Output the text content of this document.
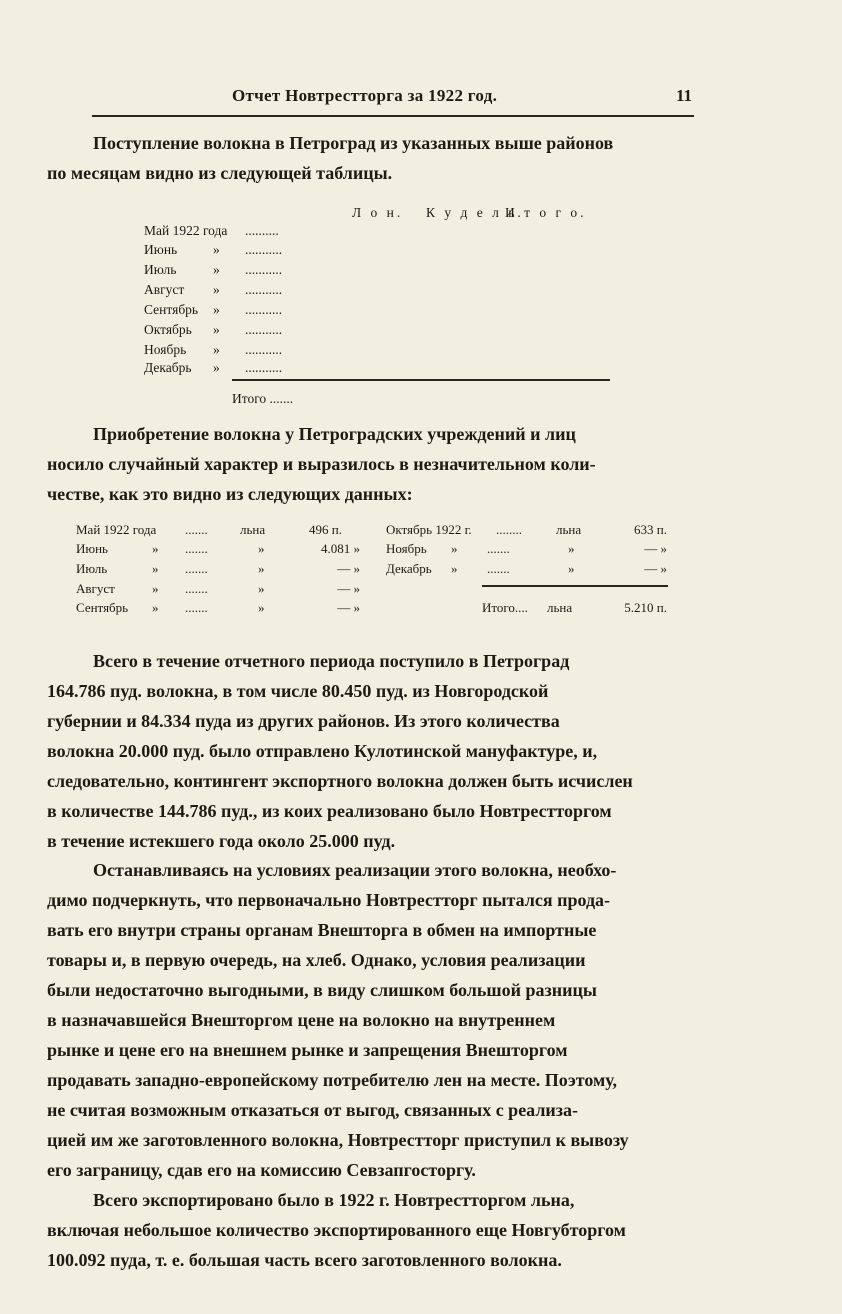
Отчет Новтрестторга за 1922 год.	11
Поступление волокна в Петроград из указанных выше районов
по месяцам видно из следующей таблицы.
Л о н. К у д е л ь.
И т о г о.
Май 1922 года ..........
Июнь	» ...........
Июль	» ...........
Август » ...........
Сентябрь » ...........
Октябрь » ...........
Ноябрь » ...........
Декабрь » ...........
Итого .......
Приобретение волокна у Петроградских учреждений и лиц
носило случайный характер и выразилось в незначительном коли-
честве, как это видно из следующих данных:
Май 1922 года ....... льна	496 п.
Июнь	» .......	»	4.081 »
Июль	» .......	»	— »
Август	» .......	»	— »
Сентябрь » .......	»	— »
Октябрь 1922 г. ........	льна	633 п.
Ноябрь » .......	»	— »
Декабрь » .......	»	— »
Итого.... льна	5.210 п.
Всего в течение отчетного периода поступило в Петроград
164.786 пуд. волокна, в том числе 80.450 пуд. из Новгородской
губернии и 84.334 пуда из других районов. Из этого количества
волокна 20.000 пуд. было отправлено Кулотинской мануфактуре, и,
следовательно, контингент экспортного волокна должен быть исчислен
в количестве 144.786 пуд., из коих реализовано было Новтрестторгом
в течение истекшего года около 25.000 пуд.
Останавливаясь на условиях реализации этого волокна, необхо-
димо подчеркнуть, что первоначально Новтрестторг пытался прода-
вать его внутри страны органам Внешторга в обмен на импортные
товары и, в первую очередь, на хлеб. Однако, условия реализации
были недостаточно выгодными, в виду слишком большой разницы
в назначавшейся Внешторгом цене на волокно на внутреннем
рынке и цене его на внешнем рынке и запрещения Внешторгом
продавать западно-европейскому потребителю лен на месте. Поэтому,
не считая возможным отказаться от выгод, связанных с реализа-
цией им же заготовленного волокна, Новтрестторг приступил к вывозу
его заграницу, сдав его на комиссию Севзапгосторгу.
Всего экспортировано было в 1922 г. Новтрестторгом льна,
включая небольшое количество экспортированного еще Новгубторгом
100.092 пуда, т. е. большая часть всего заготовленного волокна.
